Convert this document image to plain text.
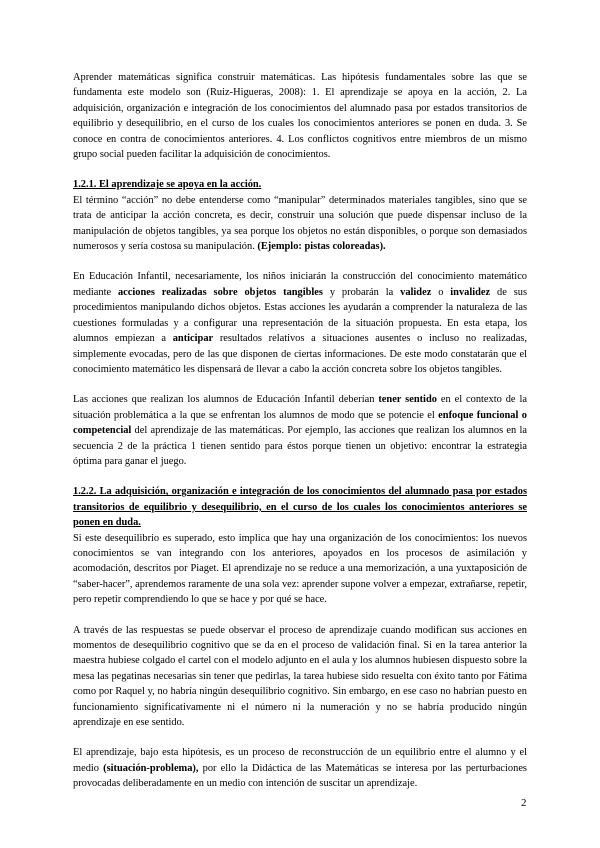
Aprender matemáticas significa construir matemáticas. Las hipótesis fundamentales sobre las que se fundamenta este modelo son (Ruiz-Higueras, 2008): 1. El aprendizaje se apoya en la acción, 2. La adquisición, organización e integración de los conocimientos del alumnado pasa por estados transitorios de equilibrio y desequilibrio, en el curso de los cuales los conocimientos anteriores se ponen en duda. 3. Se conoce en contra de conocimientos anteriores. 4. Los conflictos cognitivos entre miembros de un mismo grupo social pueden facilitar la adquisición de conocimientos.

1.2.1. El aprendizaje se apoya en la acción.

El término “acción” no debe entenderse como “manipular” determinados materiales tangibles, sino que se trata de anticipar la acción concreta, es decir, construir una solución que puede dispensar incluso de la manipulación de objetos tangibles, ya sea porque los objetos no están disponibles, o porque son demasiados numerosos y sería costosa su manipulación. (Ejemplo: pistas coloreadas).

En Educación Infantil, necesariamente, los niños iniciarán la construcción del conocimiento matemático mediante acciones realizadas sobre objetos tangibles y probarán la validez o invalidez de sus procedimientos manipulando dichos objetos. Estas acciones les ayudarán a comprender la naturaleza de las cuestiones formuladas y a configurar una representación de la situación propuesta. En esta etapa, los alumnos empiezan a anticipar resultados relativos a situaciones ausentes o incluso no realizadas, simplemente evocadas, pero de las que disponen de ciertas informaciones. De este modo constatarán que el conocimiento matemático les dispensará de llevar a cabo la acción concreta sobre los objetos tangibles.

Las acciones que realizan los alumnos de Educación Infantil deberían tener sentido en el contexto de la situación problemática a la que se enfrentan los alumnos de modo que se potencie el enfoque funcional o competencial del aprendizaje de las matemáticas. Por ejemplo, las acciones que realizan los alumnos en la secuencia 2 de la práctica 1 tienen sentido para éstos porque tienen un objetivo: encontrar la estrategia óptima para ganar el juego.

1.2.2. La adquisición, organización e integración de los conocimientos del alumnado pasa por estados transitorios de equilibrio y desequilibrio, en el curso de los cuales los conocimientos anteriores se ponen en duda.

Si este desequilibrio es superado, esto implica que hay una organización de los conocimientos: los nuevos conocimientos se van integrando con los anteriores, apoyados en los procesos de asimilación y acomodación, descritos por Piaget. El aprendizaje no se reduce a una memorización, a una yuxtaposición de “saber-hacer”, aprendemos raramente de una sola vez: aprender supone volver a empezar, extrañarse, repetir, pero repetir comprendiendo lo que se hace y por qué se hace.

A través de las respuestas se puede observar el proceso de aprendizaje cuando modifican sus acciones en momentos de desequilibrio cognitivo que se da en el proceso de validación final. Si en la tarea anterior la maestra hubiese colgado el cartel con el modelo adjunto en el aula y los alumnos hubiesen dispuesto sobre la mesa las pegatinas necesarias sin tener que pedirlas, la tarea hubiese sido resuelta con éxito tanto por Fátima como por Raquel y, no habría ningún desequilibrio cognitivo. Sin embargo, en ese caso no habrían puesto en funcionamiento significativamente ni el número ni la numeración y no se habría producido ningún aprendizaje en ese sentido.

El aprendizaje, bajo esta hipótesis, es un proceso de reconstrucción de un equilibrio entre el alumno y el medio (situación-problema), por ello la Didáctica de las Matemáticas se interesa por las perturbaciones provocadas deliberadamente en un medio con intención de suscitar un aprendizaje.

2
